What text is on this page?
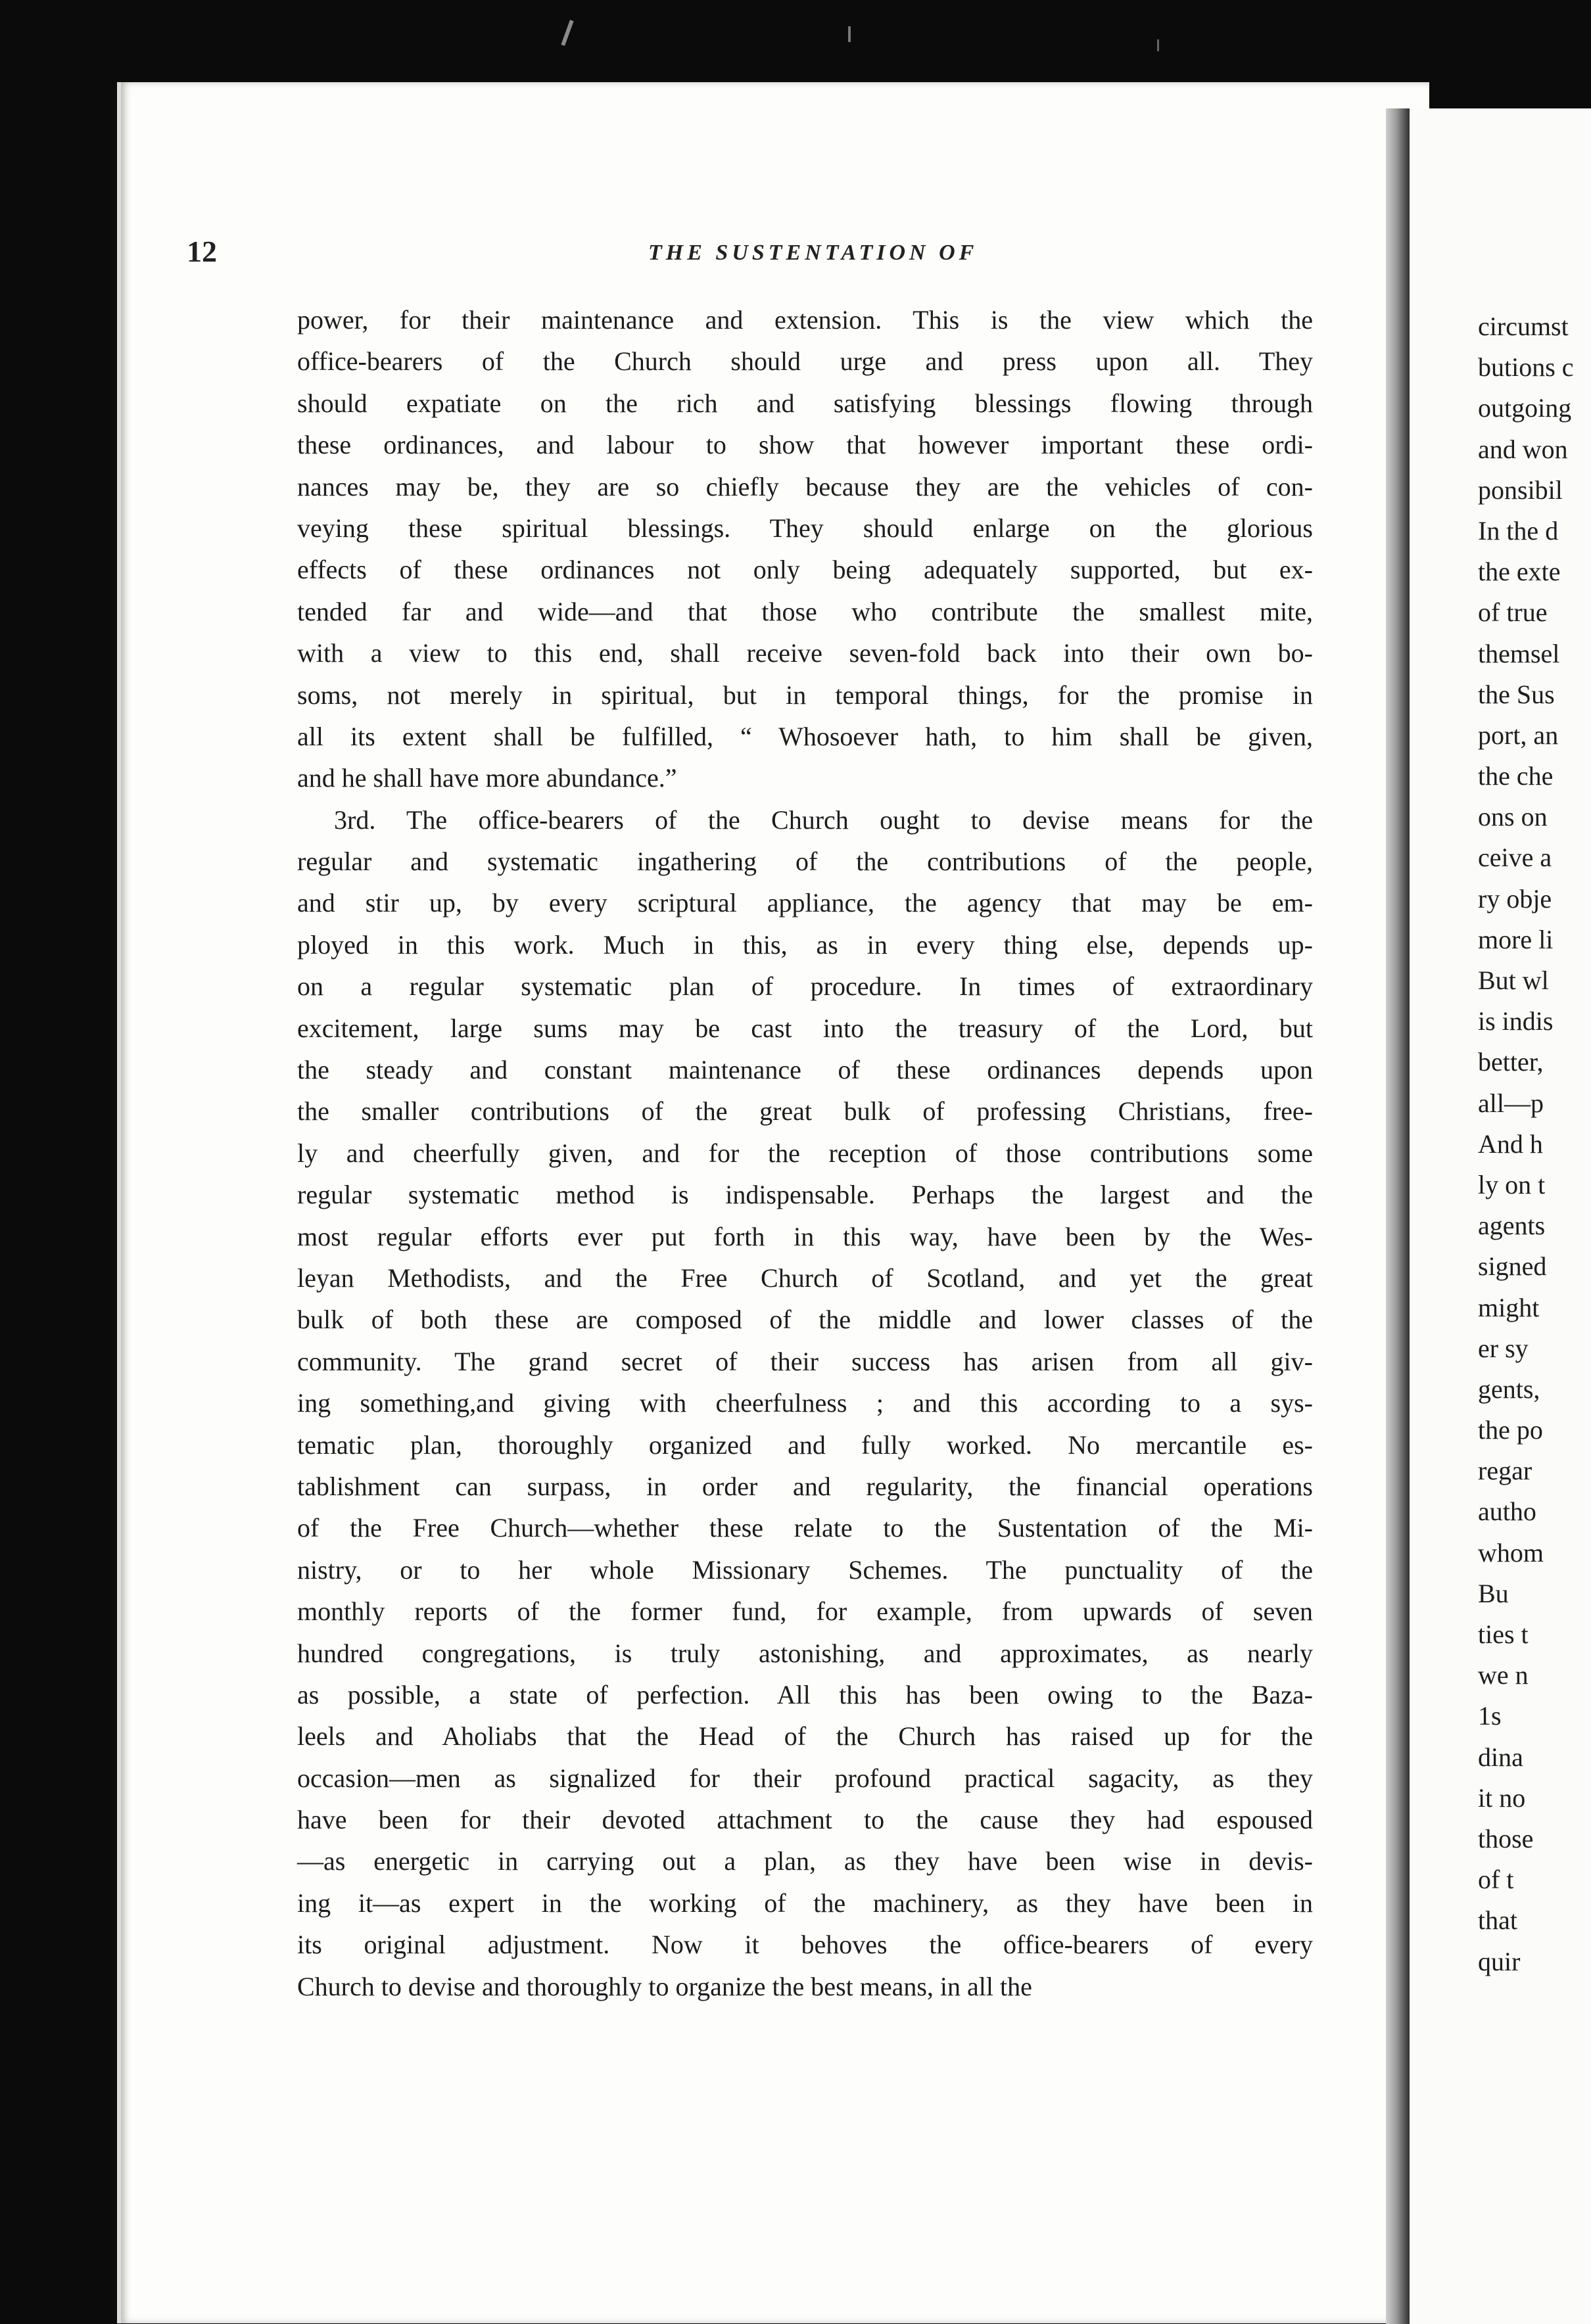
12	THE SUSTENTATION OF
power, for their maintenance and extension. This is the view which the
office-bearers of the Church should urge and press upon all. They
should expatiate on the rich and satisfying blessings flowing through
these ordinances, and labour to show that however important these ordi-
nances may be, they are so chiefly because they are the vehicles of con-
veying these spiritual blessings. They should enlarge on the glorious
effects of these ordinances not only being adequately supported, but ex-
tended far and wide—and that those who contribute the smallest mite,
with a view to this end, shall receive seven-fold back into their own bo-
soms, not merely in spiritual, but in temporal things, for the promise in
all its extent shall be fulfilled, “ Whosoever hath, to him shall be given,
and he shall have more abundance.”
3rd. The office-bearers of the Church ought to devise means for the
regular and systematic ingathering of the contributions of the people,
and stir up, by every scriptural appliance, the agency that may be em-
ployed in this work. Much in this, as in every thing else, depends up-
on a regular systematic plan of procedure. In times of extraordinary
excitement, large sums may be cast into the treasury of the Lord, but
the steady and constant maintenance of these ordinances depends upon
the smaller contributions of the great bulk of professing Christians, free-
ly and cheerfully given, and for the reception of those contributions some
regular systematic method is indispensable. Perhaps the largest and the
most regular efforts ever put forth in this way, have been by the Wes-
leyan Methodists, and the Free Church of Scotland, and yet the great
bulk of both these are composed of the middle and lower classes of the
community. The grand secret of their success has arisen from all giv-
ing something,and giving with cheerfulness ; and this according to a sys-
tematic plan, thoroughly organized and fully worked. No mercantile es-
tablishment can surpass, in order and regularity, the financial operations
of the Free Church—whether these relate to the Sustentation of the Mi-
nistry, or to her whole Missionary Schemes. The punctuality of the
monthly reports of the former fund, for example, from upwards of seven
hundred congregations, is truly astonishing, and approximates, as nearly
as possible, a state of perfection. All this has been owing to the Baza-
leels and Aholiabs that the Head of the Church has raised up for the
occasion—men as signalized for their profound practical sagacity, as they
have been for their devoted attachment to the cause they had espoused
—as energetic in carrying out a plan, as they have been wise in devis-
ing it—as expert in the working of the machinery, as they have been in
its original adjustment. Now it behoves the office-bearers of every
Church to devise and thoroughly to organize the best means, in all the
circumst
butions c
outgoing
and won
ponsibil
In the d
the exte
of true
themsel
the Sus
port, an
the che
ons on
ceive a
ry obje
more li
But wl
is indis
better,
all—p
And h
ly on t
agents
signed
might
er sy
gents,
the po
regar
autho
whom
Bu
ties t
we n
1s
dina
it no
those
of t
that
quir
